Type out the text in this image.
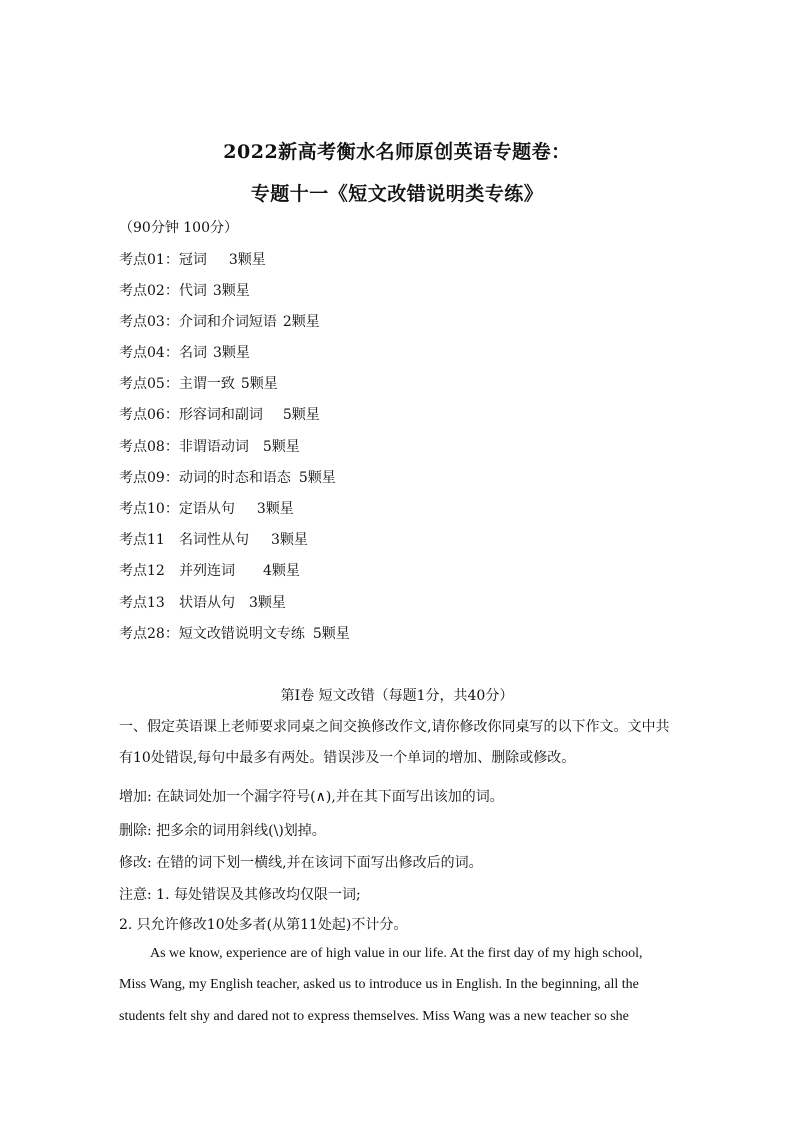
2022新高考衡水名师原创英语专题卷：
专题十一《短文改错说明类专练》
（90分钟 100分）
考点01：冠词 3颗星
考点02：代词 3颗星
考点03：介词和介词短语 2颗星
考点04：名词 3颗星
考点05：主谓一致 5颗星
考点06：形容词和副词 5颗星
考点08：非谓语动词 5颗星
考点09：动词的时态和语态 5颗星
考点10：定语从句 3颗星
考点11 名词性从句 3颗星
考点12 并列连词 4颗星
考点13 状语从句 3颗星
考点28：短文改错说明文专练 5颗星
第I卷 短文改错（每题1分，共40分）
一、假定英语课上老师要求同桌之间交换修改作文,请你修改你同桌写的以下作文。文中共
有10处错误,每句中最多有两处。错误涉及一个单词的增加、删除或修改。
增加: 在缺词处加一个漏字符号(∧),并在其下面写出该加的词。
删除: 把多余的词用斜线(\)划掉。
修改: 在错的词下划一横线,并在该词下面写出修改后的词。
注意: 1. 每处错误及其修改均仅限一词;
2. 只允许修改10处多者(从第11处起)不计分。
As we know, experience are of high value in our life. At the first day of my high school,
Miss Wang, my English teacher, asked us to introduce us in English. In the beginning, all the
students felt shy and dared not to express themselves. Miss Wang was a new teacher so she
